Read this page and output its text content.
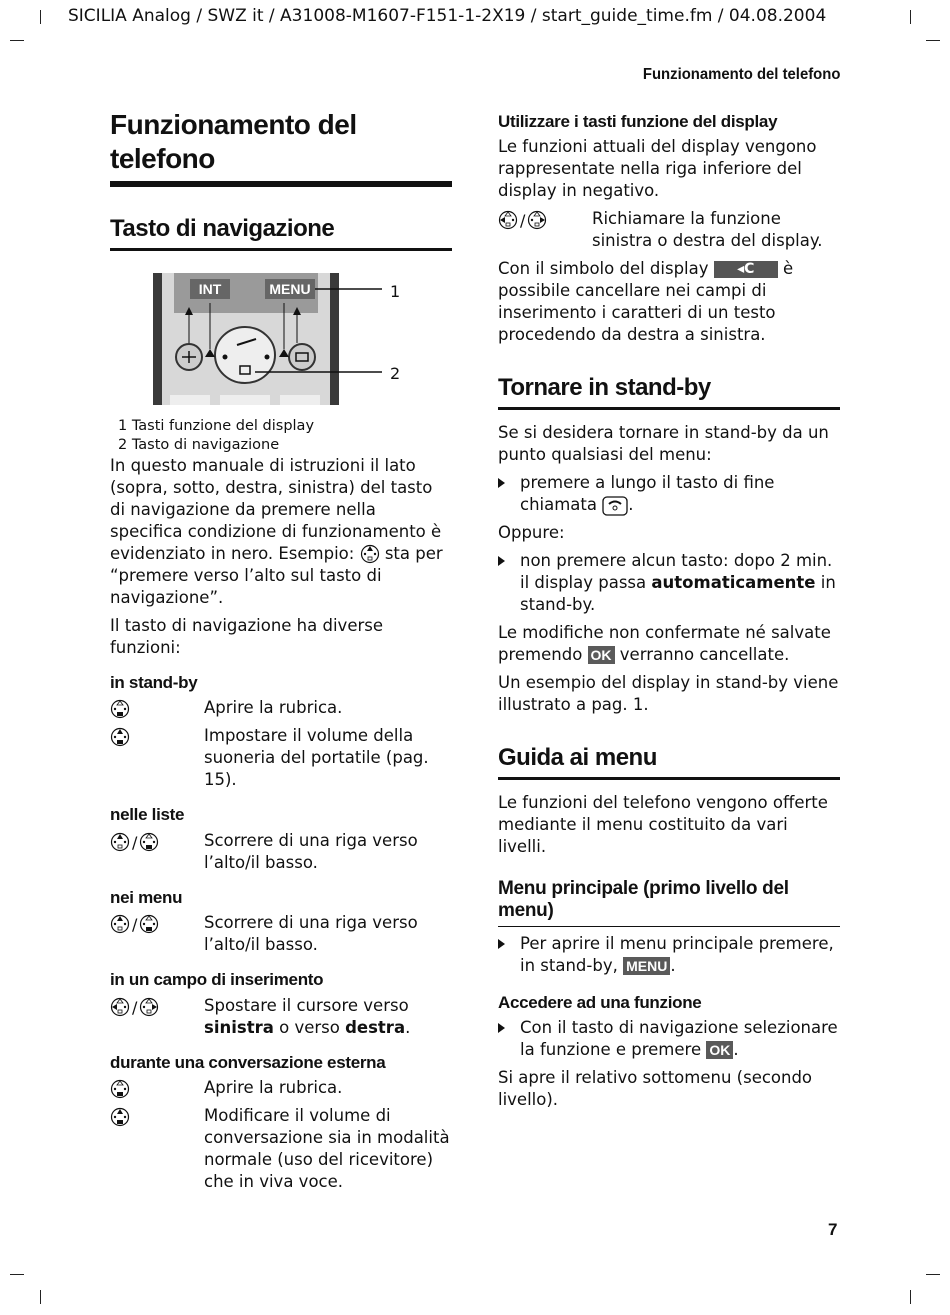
SICILIA Analog / SWZ it / A31008-M1607-F151-1-2X19 / start_guide_time.fm / 04.08.2004
Funzionamento del telefono
7
Funzionamento del telefono
Tasto di navigazione
INT	MENU	1
2
1 Tasti funzione del display
2 Tasto di navigazione

In questo manuale di istruzioni il lato (sopra, sotto, destra, sinistra) del tasto di navigazione da premere nella specifica condizione di funzionamento è evidenziato in nero. Esempio: sta per “premere verso l’alto sul tasto di navigazione”.

Il tasto di navigazione ha diverse funzioni:

in stand-by
Aprire la rubrica.
Impostare il volume della suoneria del portatile (pag. 15).
nelle liste
/	Scorrere di una riga verso l’alto/il basso.
nei menu
/	Scorrere di una riga verso l’alto/il basso.
in un campo di inserimento
/	Spostare il cursore verso sinistra o verso destra.
durante una conversazione esterna
Aprire la rubrica.
Modificare il volume di conversazione sia in modalità normale (uso del ricevitore) che in viva voce.
Utilizzare i tasti funzione del display

Le funzioni attuali del display vengono rappresentate nella riga inferiore del display in negativo.

/	Richiamare la funzione sinistra o destra del display.

Con il simbolo del display ◂C è possibile cancellare nei campi di inserimento i caratteri di un testo procedendo da destra a sinistra.

Tornare in stand-by

Se si desidera tornare in stand-by da un punto qualsiasi del menu:

premere a lungo il tasto di fine chiamata .

Oppure:

non premere alcun tasto: dopo 2 min. il display passa automaticamente in stand-by.

Le modifiche non confermate né salvate premendo OK verranno cancellate.

Un esempio del display in stand-by viene illustrato a pag. 1.

Guida ai menu

Le funzioni del telefono vengono offerte mediante il menu costituito da vari livelli.

Menu principale (primo livello del menu)
Per aprire il menu principale premere, in stand-by, MENU .
Accedere ad una funzione
Con il tasto di navigazione selezionare la funzione e premere OK .

Si apre il relativo sottomenu (secondo livello).
